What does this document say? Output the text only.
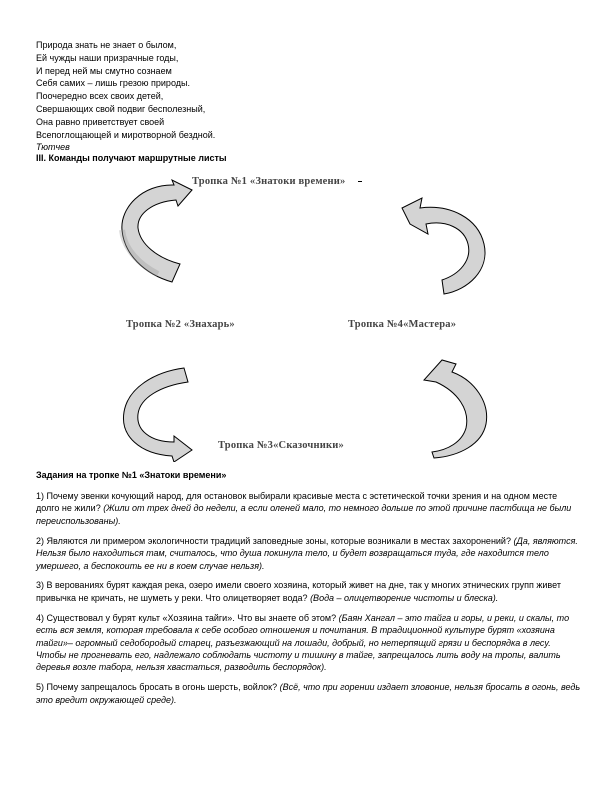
Природа знать не знает о былом,
Ей чужды наши призрачные годы,
И перед ней мы смутно сознаем
Себя самих – лишь грезою природы.
Поочередно всех своих детей,
Свершающих свой подвиг бесполезный,
Она равно приветствует своей
Всепоглощающей и миротворной бездной.
Тютчев
III. Команды получают маршрутные листы
Тропка №1 «Знатоки времени»
Тропка №2 «Знахарь»	Тропка №4«Мастера»
Тропка №3«Сказочники»
Задания на тропке №1 «Знатоки времени»

1) Почему эвенки кочующий народ, для остановок выбирали красивые места с эстетической точки зрения и на одном месте долго не жили? (Жили от трех дней до недели, а если оленей мало, то немного дольше по этой причине пастбища не были переиспользованы).

2) Являются ли примером экологичности традиций заповедные зоны, которые возникали в местах захоронений? (Да, являются. Нельзя было находиться там, считалось, что душа покинула тело, и будет возвращаться туда, где находится тело умершего, а беспокоить ее ни в коем случае нельзя).

3) В верованиях бурят каждая река, озеро имели своего хозяина, который живет на дне, так у многих этнических групп живет привычка не кричать, не шуметь у реки. Что олицетворяет вода? (Вода – олицетворение чистоты и блеска).

4) Существовал у бурят культ «Хозяина тайги». Что вы знаете об этом? (Баян Хангал – это тайга и горы, и реки, и скалы, то есть вся земля, которая требовала к себе особого отношения и почитания. В традиционной культуре бурят «хозяина тайги»– огромный седобородый старец, разъезжающий на лошади, добрый, но нетерпящий грязи и беспорядка в лесу. Чтобы не прогневать его, надлежало соблюдать чистоту и тишину в тайге, запрещалось лить воду на тропы, валить деревья возле табора, нельзя хвастаться, разводить беспорядок).

5) Почему запрещалось бросать в огонь шерсть, войлок? (Всё, что при горении издает зловоние, нельзя бросать в огонь, ведь это вредит окружающей среде).
